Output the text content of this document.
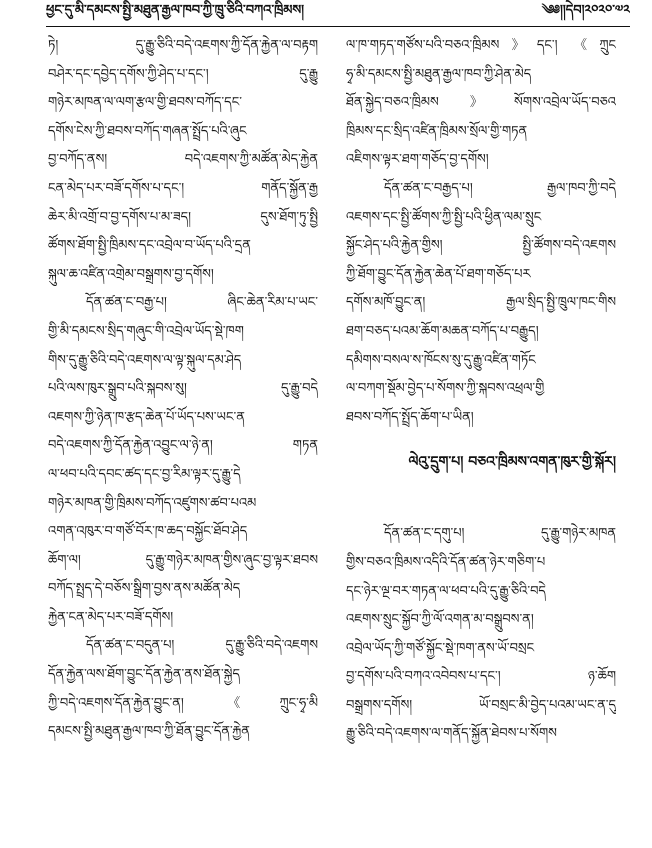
ཕྱང་དུ་མི་དམངས་སྤྱི་མཐུན་རྒྱལ་ཁབ་ཀྱི་ཁྲུ་ཅིའི་བཀའ་ཁྲིམས།	༄༅།།དེབ།༢༠༢༠་༧༢
ཏེ། དུ་རྒྱུ་ཅིའི་བདེ་འཇགས་ཀྱི་དོན་རྐྱེན་ལ་བརྟག
བཤེར་དང་དབྱེད་དགོས་ཀྱི་ཤེད་པ་དང་། དུ་རྒྱུ
གཉེར་མཁན་ལ་ལག་རྩལ་གྱི་ཐབས་བཀོད་དང་
དགོས་ངེས་ཀྱི་ཐབས་བཀོད་གཞན་སྤྲོད་པའི་ཞུང
བྱ་བཀོད་ནས། བདེ་འཇགས་ཀྱི་མཚོན་མེད་རྐྱེན
ངན་མེད་པར་བཟོ་དགོས་པ་དང་། གནོད་སྐྱོན་རྒྱ
ཆེར་མི་འགྲོ་བ་བྱ་དགོས་པ་མ་ཟད། དུས་ཐོག་ཏུ་སྤྱི
ཚོགས་ཐོག་སྤྱི་ཁྲིམས་དང་འབྲེལ་བ་ཡོད་པའི་དྲན
སྐུལ་ཆ་འཛིན་འགྲེམ་བསྒྲགས་བྱ་དགོས།
དོན་ཚན་ང་བརྒྱ་པ། ཞིང་ཆེན་རིམ་པ་ཡང་
གྱི་མི་དམངས་སྲིད་གཞུང་གི་འབྲེལ་ཡོད་སྡེ་ཁག
གིས་དུ་རྒྱུ་ཅིའི་བདེ་འཇགས་ལ་ལྟ་སྐུལ་དམ་ཤེད
པའི་ལས་ཁུར་སྒྲུབ་པའི་སྐབས་སུ། དུ་རྒྱུ་བདེ
འཇགས་ཀྱི་ཉེན་ཁ་རྩད་ཆེན་པོ་ཡོད་པས་ཡང་ན
བདེ་འཇགས་ཀྱི་དོན་རྐྱེན་འབྱུང་ལ་ཉེ་ན། གཏན
ལ་ཕབ་པའི་དབང་ཚད་དང་བྱ་རིམ་ལྟར་དུ་རྒྱུ་དེ
གཉེར་མཁན་གྱི་ཁྲིམས་བཀོད་འཛུགས་ཚབ་པའམ
འགན་འཁུར་བ་གཙོ་བོར་ཁ་ཆད་བསྐྱོང་ཐོབ་ཤེད
ཆོག་ལ། དུ་རྒྱུ་གཉེར་མཁན་གྱིས་ཞུང་བྱ་ལྟར་ཐབས
བཀོད་སྤྲད་དེ་བཅོས་སྒྲིག་བྱས་ནས་མཚོན་མེད
རྐྱེན་ངན་མེད་པར་བཟོ་དགོས།
དོན་ཚན་ང་བདུན་པ། དུ་རྒྱུ་ཅིའི་བདེ་འཇགས
དོན་རྐྱེན་ལས་ཐོག་བྱུང་དོན་རྐྱེན་ནས་ཐོན་སྐྱེད
ཀྱི་བདེ་འཇགས་དོན་རྐྱེན་བྱུང་ན། 《ཀྲུང་ཧྭ་མི
དམངས་སྤྱི་མཐུན་རྒྱལ་ཁབ་ཀྱི་ཐོན་བྱུང་དོན་རྐྱེན
ལ་ཁ་གཏད་གཙོས་པའི་བཅའ་ཁྲིམས》དང་། 《ཀྲུང
ཧྭ་མི་དམངས་སྤྱི་མཐུན་རྒྱལ་ཁབ་ཀྱི་ཤེན་མེད
ཐོན་སྐྱེད་བཅའ་ཁྲིམས》སོགས་འབྲེལ་ཡོད་བཅའ
ཁྲིམས་དང་སྲིད་འཛིན་ཁྲིམས་སྲོལ་གྱི་གཏན
འཇིགས་ལྟར་ཐག་གཅོད་བྱ་དགོས།
དོན་ཚན་ང་བརྒྱད་པ། རྒྱལ་ཁབ་ཀྱི་བདེ
འཇགས་དང་སྤྱི་ཚོགས་ཀྱི་སྤྱི་པའི་ཕྱིན་ལམ་སྲུང
སྐྱོང་ཤེད་པའི་རྐྱེན་གྱིས། སྤྱི་ཚོགས་བདེ་འཇགས
ཀྱི་ཐོག་བྱུང་དོན་རྐྱེན་ཆེན་པོ་ཐག་གཅོད་པར
དགོས་མཁོ་བྱུང་ན། རྒྱལ་སྲིད་སྤྱི་ཁྲུལ་ཁང་གིས
ཐག་བཅད་པའམ་ཆོག་མཆན་བཀོད་པ་བརྒྱུད།
དམིགས་བསལ་ས་ཁོངས་སུ་དུ་རྒྱུ་འཛིན་གཏོང
ལ་བཀག་སྡོམ་བྱེད་པ་སོགས་ཀྱི་སྐབས་འཕྲལ་གྱི
ཐབས་བཀོད་སྤྲོད་ཆོག་པ་ཡིན།
ལེའུ་དྲུག་པ། བཅའ་ཁྲིམས་འགན་ཁུར་གྱི་སྐོར།
དོན་ཚན་ང་དགུ་པ། དུ་རྒྱུ་གཉེར་མཁན
གྱིས་བཅའ་ཁྲིམས་འདིའི་དོན་ཚན་ཉེར་གཅིག་པ
དང་ཉེར་ལྔ་བར་གཏན་ལ་ཕབ་པའི་དུ་རྒྱུ་ཅིའི་བདེ
འཇགས་སྲུང་སྐྱོབ་ཀྱི་ལོ་འགན་མ་བསྒྲུབས་ན།
འབྲེལ་ཡོད་ཀྱི་གཙོ་སྐྱོང་སྡེ་ཁག་ནས་ཡོ་བསྲང
བྱ་དགོས་པའི་བཀའ་འབེབས་པ་དང་། ཉ་ཆོག
བསྒྲགས་དགོས། ཡོ་བསྲང་མི་བྱེད་པའམ་ཡང་ན་དུ
རྒྱུ་ཅིའི་བདེ་འཇགས་ལ་གནོད་སྐྱོན་ཐེབས་པ་སོགས
